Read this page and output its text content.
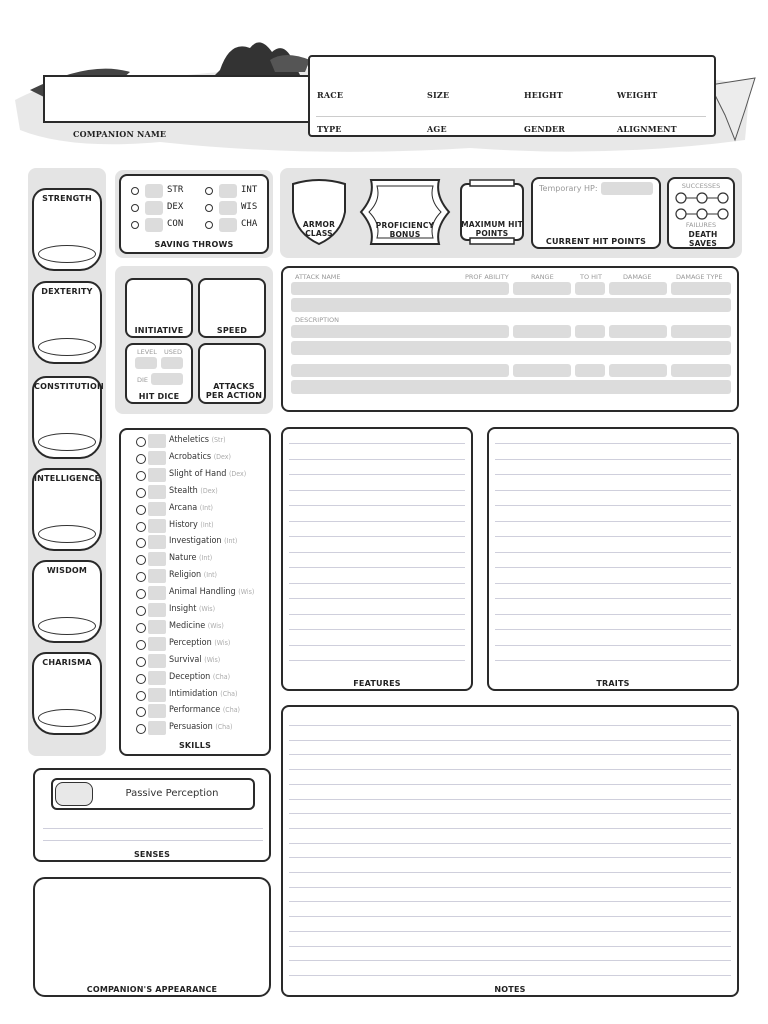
COMPANION NAME
RACE	SIZE	HEIGHT	WEIGHT
TYPE	AGE	GENDER	ALIGNMENT
STRENGTH
DEXTERITY
CONSTITUTION
INTELLIGENCE
WISDOM
CHARISMA
STR
DEX
CON
INT
WIS
CHA
SAVING THROWS
ARMOR CLASS
PROFICIENCY BONUS
MAXIMUM HIT POINTS
Temporary HP:
CURRENT HIT POINTS
SUCCESSES
FAILURES
DEATH SAVES
INITIATIVE	SPEED
LEVEL USED
DIE
HIT DICE
ATTACKS PER ACTION
ATTACK NAME	PROF ABILITY	RANGE	TO HIT	DAMAGE	DAMAGE TYPE
DESCRIPTION
SKILLS
Atheletics (Str)
Acrobatics (Dex)
Slight of Hand (Dex)
Stealth (Dex)
Arcana (Int)
History (Int)
Investigation (Int)
Nature (Int)
Religion (Int)
Animal Handling (Wis)
Insight (Wis)
Medicine (Wis)
Perception (Wis)
Survival (Wis)
Deception (Cha)
Intimidation (Cha)
Performance (Cha)
Persuasion (Cha)
FEATURES	TRAITS
Passive Perception
SENSES
COMPANION'S APPEARANCE	NOTES
